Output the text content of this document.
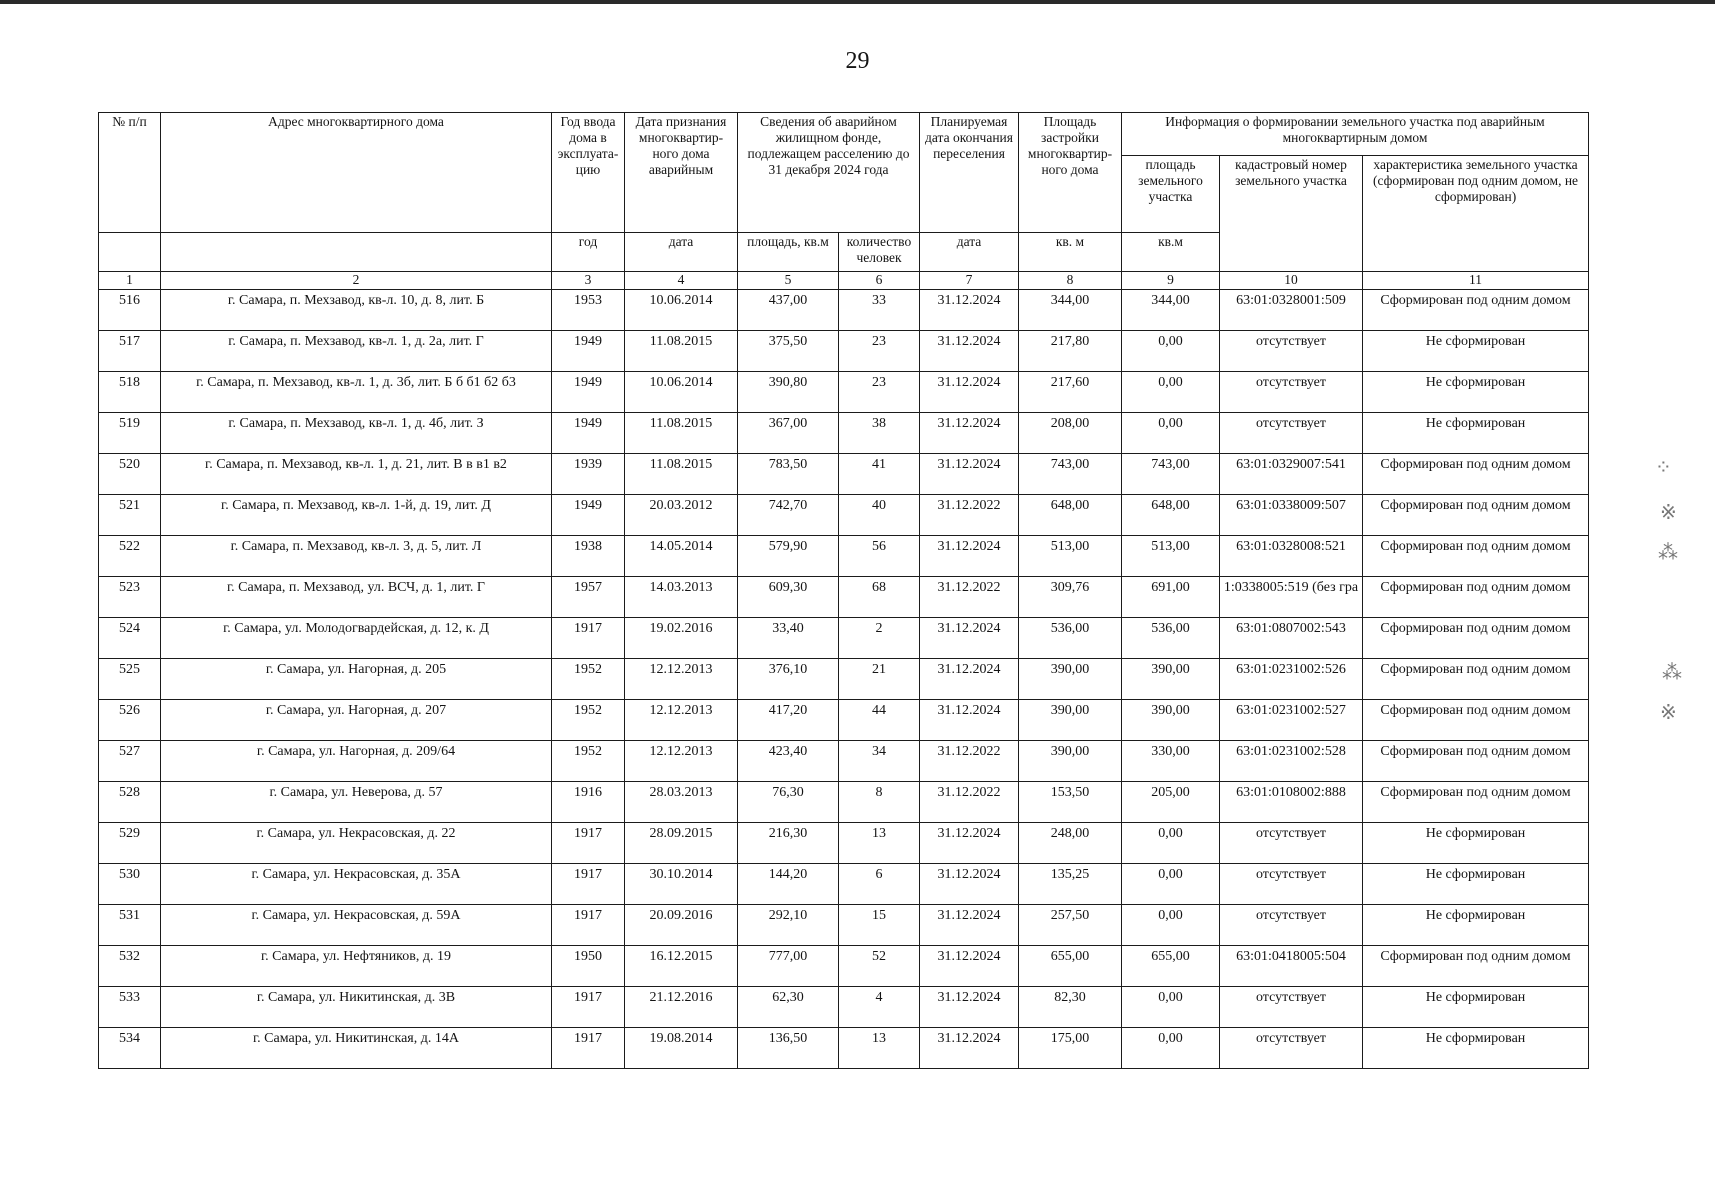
29
№ п/п	Адрес многоквартирного дома	Год ввода дома в эксплуата-цию	Дата признания многоквартир-ного дома аварийным	Сведения об аварийном жилищном фонде, подлежащем расселению до 31 декабря 2024 года		Планируемая дата окончания переселения	Площадь застройки многоквартир-ного дома	Информация о формировании земельного участка под аварийным многоквартирным домом		
								площадь земельного участка	кадастровый номер земельного участка	характеристика земельного участка (сформирован под одним домом, не сформирован)
		год	дата	площадь, кв.м	количество человек	дата	кв. м	кв.м		
1	2	3	4	5	6	7	8	9	10	11
516	г. Самара, п. Мехзавод, кв-л. 10, д. 8, лит. Б	1953	10.06.2014	437,00	33	31.12.2024	344,00	344,00	63:01:0328001:509	Сформирован под одним домом
517	г. Самара, п. Мехзавод, кв-л. 1, д. 2а, лит. Г	1949	11.08.2015	375,50	23	31.12.2024	217,80	0,00	отсутствует	Не сформирован
518	г. Самара, п. Мехзавод, кв-л. 1, д. 3б, лит. Б б б1 б2 б3	1949	10.06.2014	390,80	23	31.12.2024	217,60	0,00	отсутствует	Не сформирован
519	г. Самара, п. Мехзавод, кв-л. 1, д. 4б, лит. З	1949	11.08.2015	367,00	38	31.12.2024	208,00	0,00	отсутствует	Не сформирован
520	г. Самара, п. Мехзавод, кв-л. 1, д. 21, лит. В в в1 в2	1939	11.08.2015	783,50	41	31.12.2024	743,00	743,00	63:01:0329007:541	Сформирован под одним домом
521	г. Самара, п. Мехзавод, кв-л. 1-й, д. 19, лит. Д	1949	20.03.2012	742,70	40	31.12.2022	648,00	648,00	63:01:0338009:507	Сформирован под одним домом
522	г. Самара, п. Мехзавод, кв-л. 3, д. 5, лит. Л	1938	14.05.2014	579,90	56	31.12.2024	513,00	513,00	63:01:0328008:521	Сформирован под одним домом
523	г. Самара, п. Мехзавод, ул. ВСЧ, д. 1, лит. Г	1957	14.03.2013	609,30	68	31.12.2022	309,76	691,00	1:0338005:519 (без гра	Сформирован под одним домом
524	г. Самара, ул. Молодогвардейская, д. 12, к. Д	1917	19.02.2016	33,40	2	31.12.2024	536,00	536,00	63:01:0807002:543	Сформирован под одним домом
525	г. Самара, ул. Нагорная, д. 205	1952	12.12.2013	376,10	21	31.12.2024	390,00	390,00	63:01:0231002:526	Сформирован под одним домом
526	г. Самара, ул. Нагорная, д. 207	1952	12.12.2013	417,20	44	31.12.2024	390,00	390,00	63:01:0231002:527	Сформирован под одним домом
527	г. Самара, ул. Нагорная, д. 209/64	1952	12.12.2013	423,40	34	31.12.2022	390,00	330,00	63:01:0231002:528	Сформирован под одним домом
528	г. Самара, ул. Неверова, д. 57	1916	28.03.2013	76,30	8	31.12.2022	153,50	205,00	63:01:0108002:888	Сформирован под одним домом
529	г. Самара, ул. Некрасовская, д. 22	1917	28.09.2015	216,30	13	31.12.2024	248,00	0,00	отсутствует	Не сформирован
530	г. Самара, ул. Некрасовская, д. 35А	1917	30.10.2014	144,20	6	31.12.2024	135,25	0,00	отсутствует	Не сформирован
531	г. Самара, ул. Некрасовская, д. 59А	1917	20.09.2016	292,10	15	31.12.2024	257,50	0,00	отсутствует	Не сформирован
532	г. Самара, ул. Нефтяников, д. 19	1950	16.12.2015	777,00	52	31.12.2024	655,00	655,00	63:01:0418005:504	Сформирован под одним домом
533	г. Самара, ул. Никитинская, д. 3В	1917	21.12.2016	62,30	4	31.12.2024	82,30	0,00	отсутствует	Не сформирован
534	г. Самара, ул. Никитинская, д. 14А	1917	19.08.2014	136,50	13	31.12.2024	175,00	0,00	отсутствует	Не сформирован
⁘
※
⁂
⁂
※
